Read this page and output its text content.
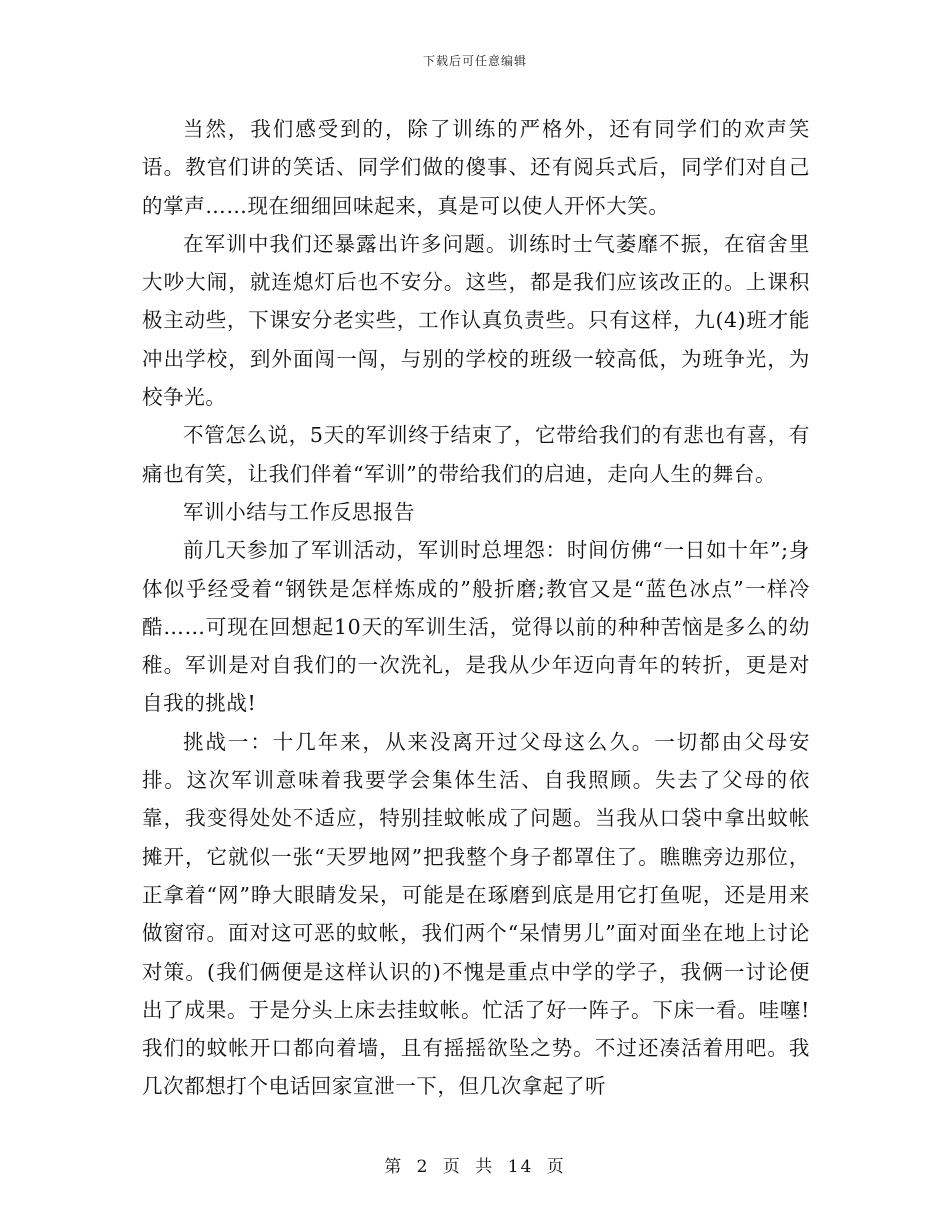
下载后可任意编辑

当然，我们感受到的，除了训练的严格外，还有同学们的欢声笑语。教官们讲的笑话、同学们做的傻事、还有阅兵式后，同学们对自己的掌声……现在细细回味起来，真是可以使人开怀大笑。

在军训中我们还暴露出许多问题。训练时士气萎靡不振，在宿舍里大吵大闹，就连熄灯后也不安分。这些，都是我们应该改正的。上课积极主动些，下课安分老实些，工作认真负责些。只有这样，九(4)班才能冲出学校，到外面闯一闯，与别的学校的班级一较高低，为班争光，为校争光。

不管怎么说，5天的军训终于结束了，它带给我们的有悲也有喜，有痛也有笑，让我们伴着“军训”的带给我们的启迪，走向人生的舞台。

军训小结与工作反思报告

前几天参加了军训活动，军训时总埋怨：时间仿佛“一日如十年”;身体似乎经受着“钢铁是怎样炼成的”般折磨;教官又是“蓝色冰点”一样冷酷……可现在回想起10天的军训生活，觉得以前的种种苦恼是多么的幼稚。军训是对自我们的一次洗礼，是我从少年迈向青年的转折，更是对自我的挑战!

挑战一：十几年来，从来没离开过父母这么久。一切都由父母安排。这次军训意味着我要学会集体生活、自我照顾。失去了父母的依靠，我变得处处不适应，特别挂蚊帐成了问题。当我从口袋中拿出蚊帐摊开，它就似一张“天罗地网”把我整个身子都罩住了。瞧瞧旁边那位，正拿着“网”睁大眼睛发呆，可能是在琢磨到底是用它打鱼呢，还是用来做窗帘。面对这可恶的蚊帐，我们两个“呆情男儿”面对面坐在地上讨论对策。(我们俩便是这样认识的)不愧是重点中学的学子，我俩一讨论便出了成果。于是分头上床去挂蚊帐。忙活了好一阵子。下床一看。哇噻!我们的蚊帐开口都向着墙，且有摇摇欲坠之势。不过还凑活着用吧。我几次都想打个电话回家宣泄一下，但几次拿起了听

第 2 页 共 14 页
